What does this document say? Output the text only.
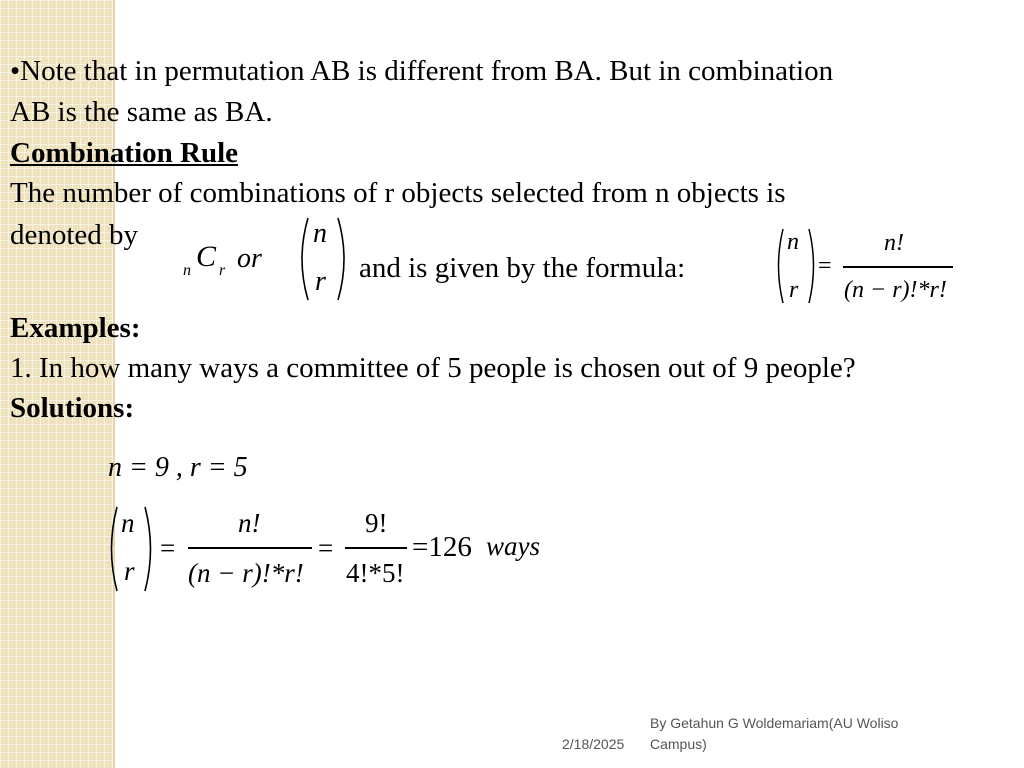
•Note that in permutation AB is different from BA. But in combination
AB is the same as BA.
Combination Rule
The number of combinations of r objects selected from n objects is
denoted by
n C r or
n
r and is given by the formula:
n
r
=
n!
(n − r)!*r!
Examples:
1. In how many ways a committee of 5 people is chosen out of 9 people?
Solutions:
n = 9 , r = 5
n
r
=
n!
(n − r)!*r!
=
9!
4!*5!
=126 ways
2/18/2025
By Getahun G Woldemariam(AU Woliso
Campus)
